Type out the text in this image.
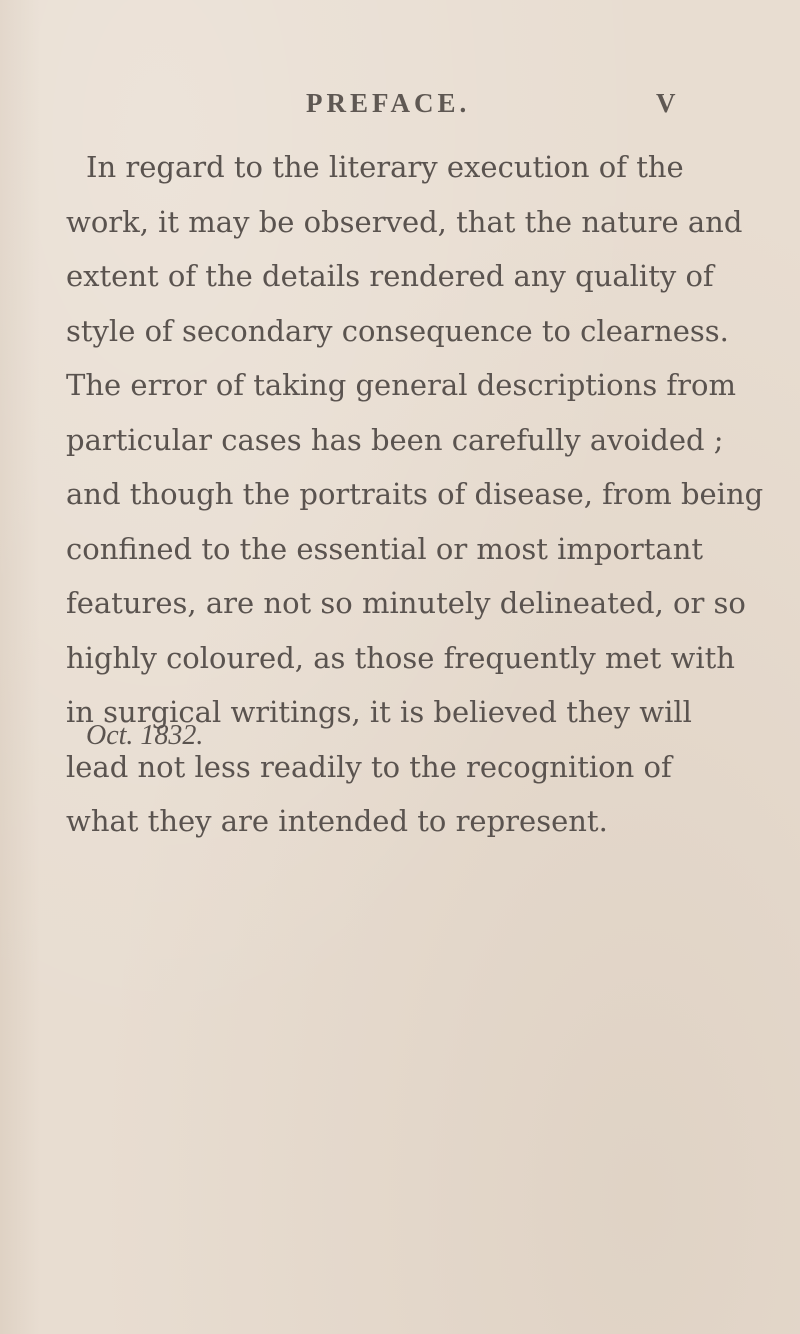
PREFACE.	V
In regard to the literary execution of the
work, it may be observed, that the nature and
extent of the details rendered any quality of
style of secondary consequence to clearness.
The error of taking general descriptions from
particular cases has been carefully avoided ;
and though the portraits of disease, from being
confined to the essential or most important
features, are not so minutely delineated, or so
highly coloured, as those frequently met with
in surgical writings, it is believed they will
lead not less readily to the recognition of
what they are intended to represent.
Oct. 1832.
